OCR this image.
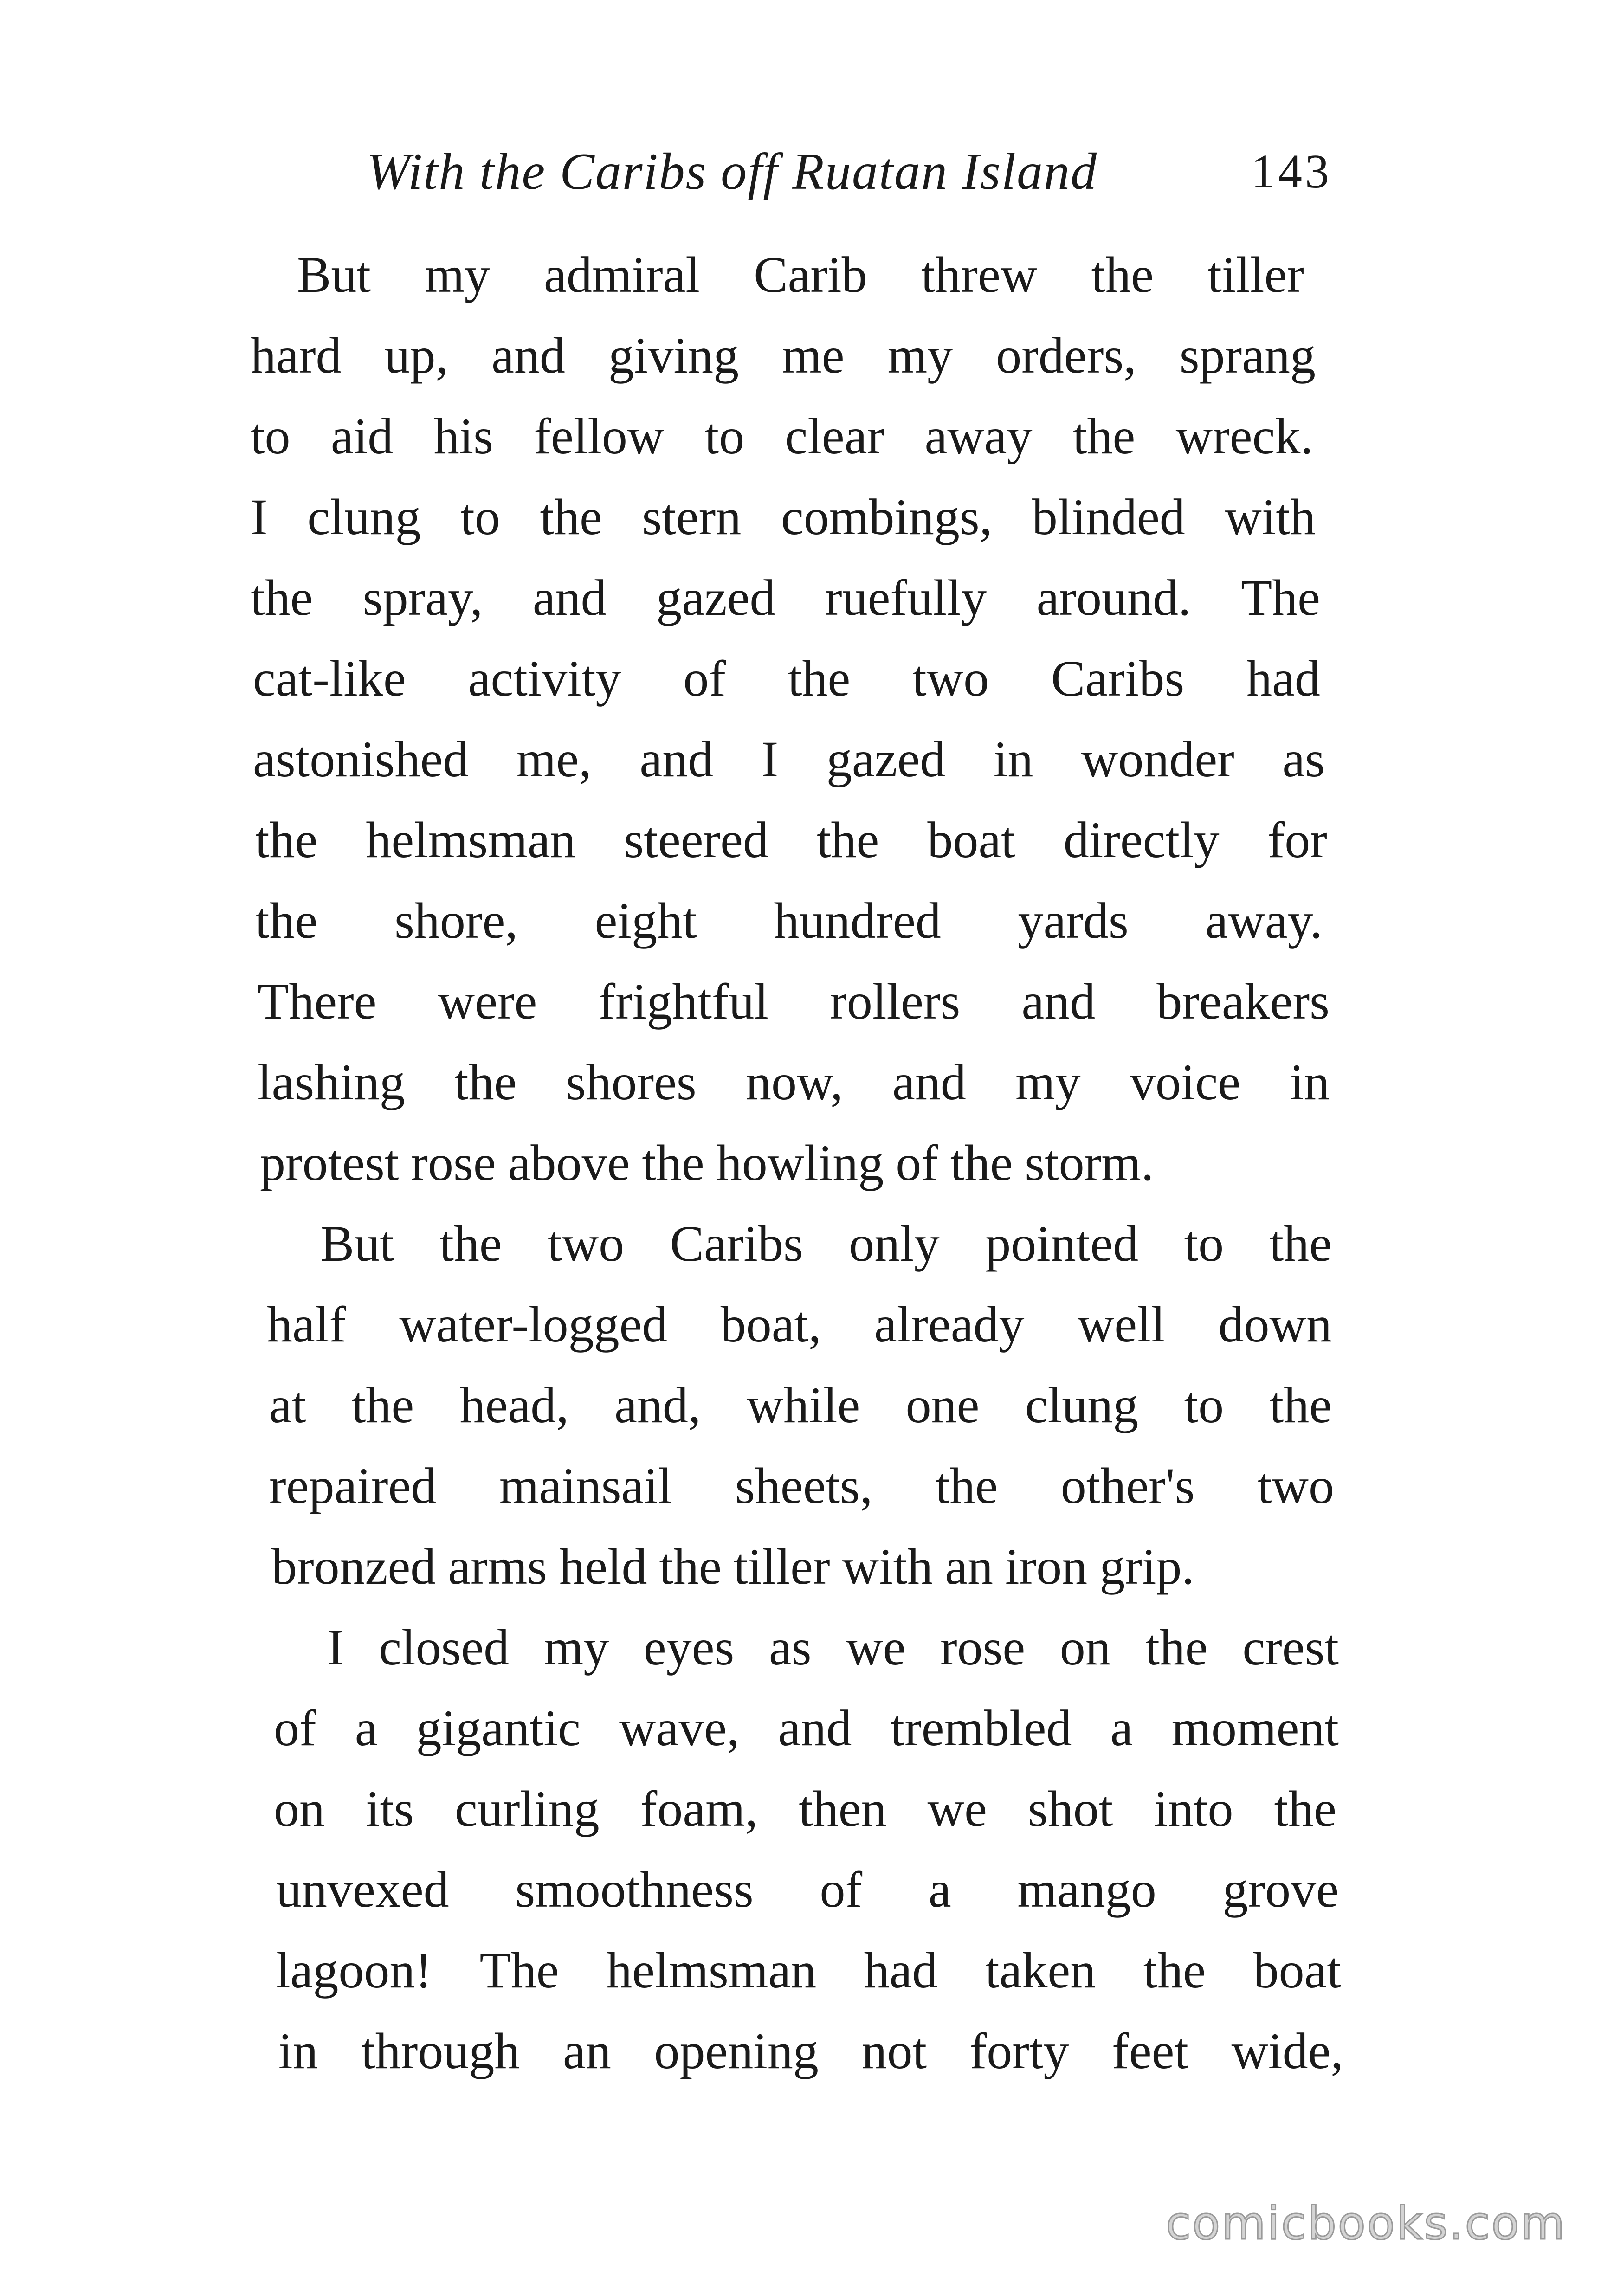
With the Caribs off Ruatan Island	143
But my admiral Carib threw the tiller
hard up, and giving me my orders, sprang
to aid his fellow to clear away the wreck.
I clung to the stern combings, blinded with
the spray, and gazed ruefully around. The
cat-like activity of the two Caribs had
astonished me, and I gazed in wonder as
the helmsman steered the boat directly for
the shore, eight hundred yards away.
There were frightful rollers and breakers
lashing the shores now, and my voice in
protest rose above the howling of the storm.
But the two Caribs only pointed to the
half water-logged boat, already well down
at the head, and, while one clung to the
repaired mainsail sheets, the other's two
bronzed arms held the tiller with an iron grip.
I closed my eyes as we rose on the crest
of a gigantic wave, and trembled a moment
on its curling foam, then we shot into the
unvexed smoothness of a mango grove
lagoon! The helmsman had taken the boat
in through an opening not forty feet wide,
comicbooks.com
